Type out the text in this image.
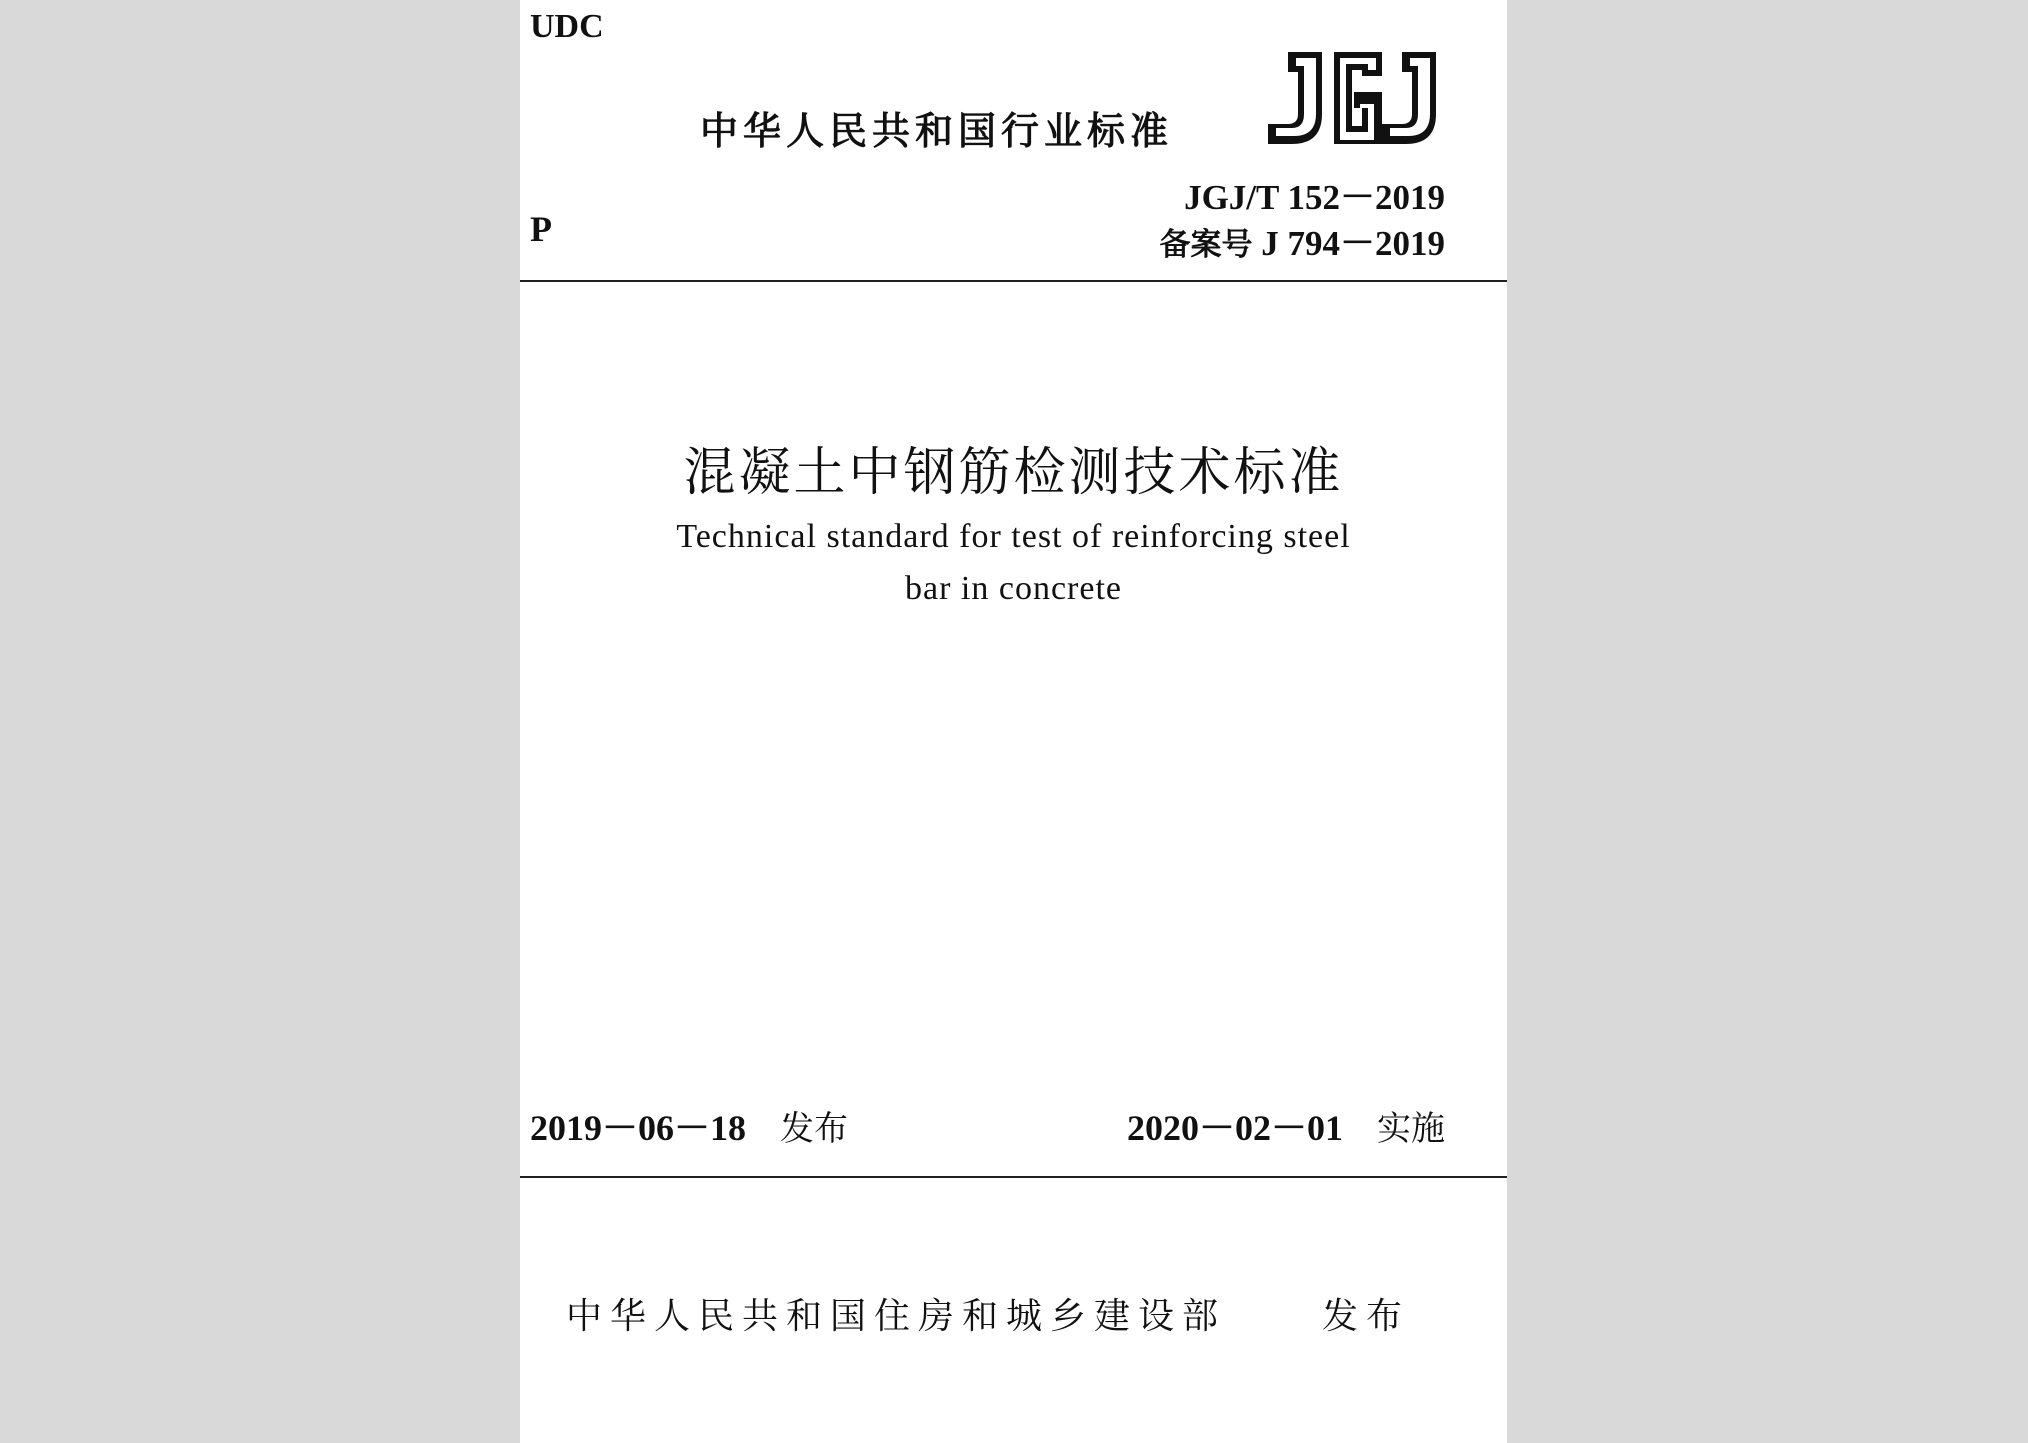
UDC
中华人民共和国行业标准
JGJ/T 152－2019
P	备案号 J 794－2019
混凝土中钢筋检测技术标准
Technical standard for test of reinforcing steel
bar in concrete
2019－06－18 发布	2020－02－01 实施
中华人民共和国住房和城乡建设部	发布
